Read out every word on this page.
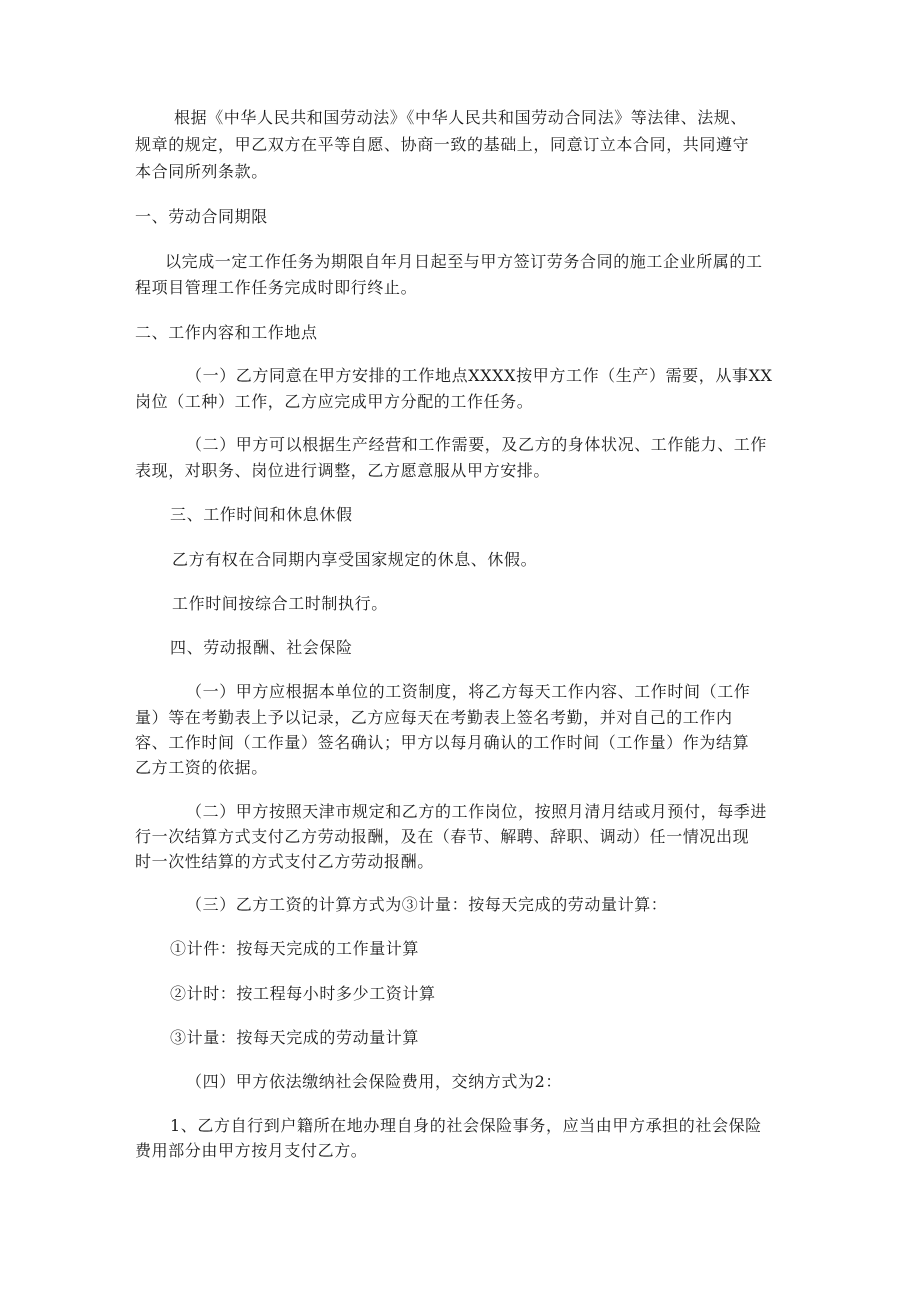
根据《中华人民共和国劳动法》《中华人民共和国劳动合同法》等法律、法规、

规章的规定，甲乙双方在平等自愿、协商一致的基础上，同意订立本合同，共同遵守

本合同所列条款。

一、劳动合同期限

以完成一定工作任务为期限自年月日起至与甲方签订劳务合同的施工企业所属的工

程项目管理工作任务完成时即行终止。

二、工作内容和工作地点

（一）乙方同意在甲方安排的工作地点XXXX按甲方工作（生产）需要，从事XX

岗位（工种）工作，乙方应完成甲方分配的工作任务。

（二）甲方可以根据生产经营和工作需要，及乙方的身体状况、工作能力、工作

表现，对职务、岗位进行调整，乙方愿意服从甲方安排。

三、工作时间和休息休假

乙方有权在合同期内享受国家规定的休息、休假。

工作时间按综合工时制执行。

四、劳动报酬、社会保险

（一）甲方应根据本单位的工资制度，将乙方每天工作内容、工作时间（工作

量）等在考勤表上予以记录，乙方应每天在考勤表上签名考勤，并对自己的工作内

容、工作时间（工作量）签名确认；甲方以每月确认的工作时间（工作量）作为结算

乙方工资的依据。

（二）甲方按照天津市规定和乙方的工作岗位，按照月清月结或月预付，每季进

行一次结算方式支付乙方劳动报酬，及在（春节、解聘、辞职、调动）任一情况出现

时一次性结算的方式支付乙方劳动报酬。

（三）乙方工资的计算方式为③计量：按每天完成的劳动量计算：

①计件：按每天完成的工作量计算

②计时：按工程每小时多少工资计算

③计量：按每天完成的劳动量计算

（四）甲方依法缴纳社会保险费用，交纳方式为2：

1、乙方自行到户籍所在地办理自身的社会保险事务，应当由甲方承担的社会保险

费用部分由甲方按月支付乙方。
